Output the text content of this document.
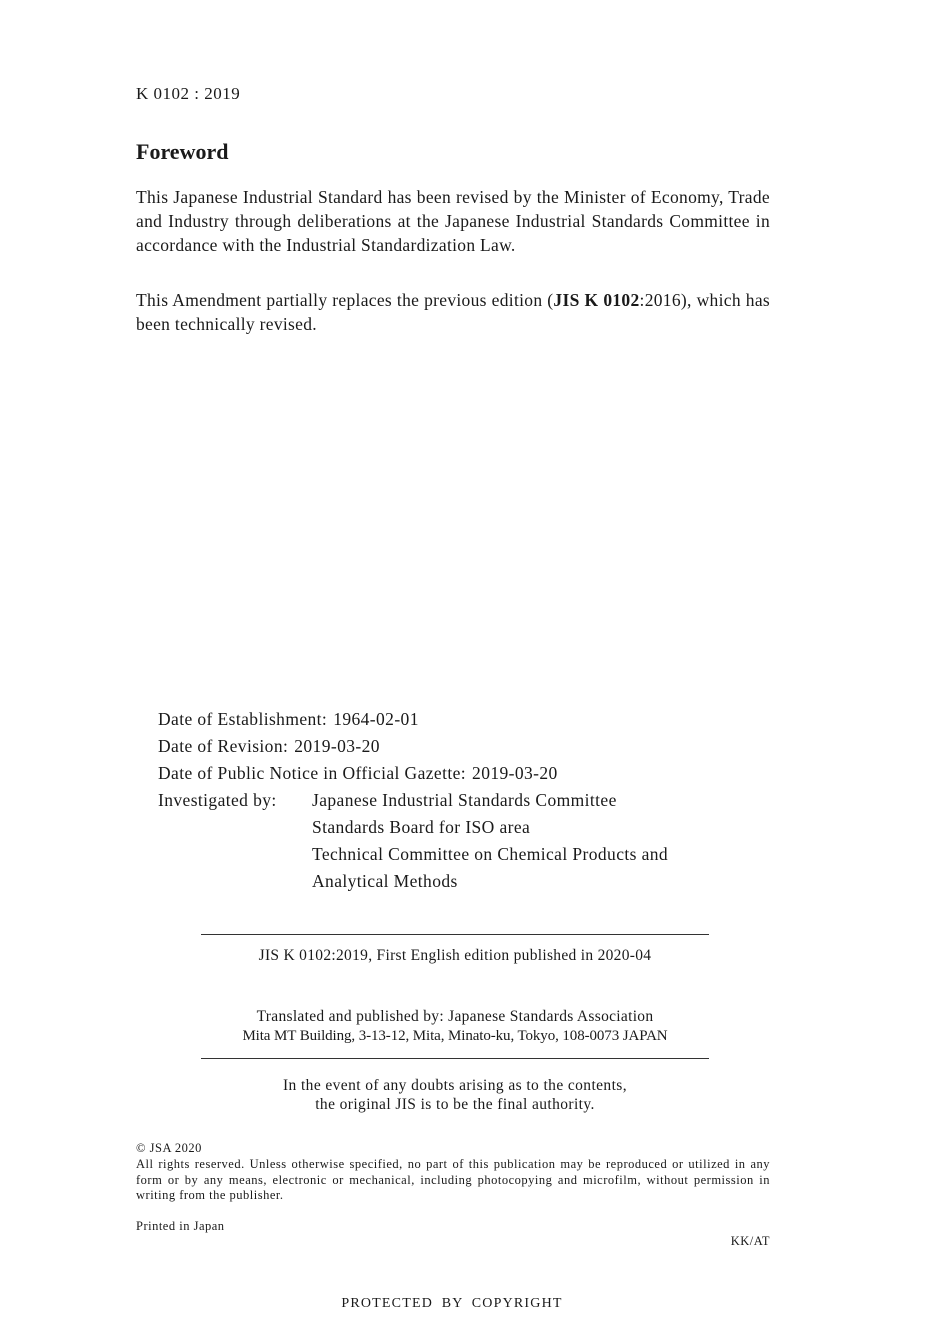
K 0102 : 2019
Foreword
This Japanese Industrial Standard has been revised by the Minister of Economy, Trade and Industry through deliberations at the Japanese Industrial Standards Committee in accordance with the Industrial Standardization Law.
This Amendment partially replaces the previous edition (JIS K 0102:2016), which has been technically revised.
Date of Establishment: 1964-02-01
Date of Revision: 2019-03-20
Date of Public Notice in Official Gazette: 2019-03-20
Investigated by: Japanese Industrial Standards Committee
Standards Board for ISO area
Technical Committee on Chemical Products and
Analytical Methods
JIS K 0102:2019, First English edition published in 2020-04
Translated and published by: Japanese Standards Association
Mita MT Building, 3-13-12, Mita, Minato-ku, Tokyo, 108-0073 JAPAN
In the event of any doubts arising as to the contents,
the original JIS is to be the final authority.
© JSA 2020
All rights reserved. Unless otherwise specified, no part of this publication may be reproduced or utilized in any form or by any means, electronic or mechanical, including photocopying and microfilm, without permission in writing from the publisher.
Printed in Japan
KK/AT
PROTECTED BY COPYRIGHT
